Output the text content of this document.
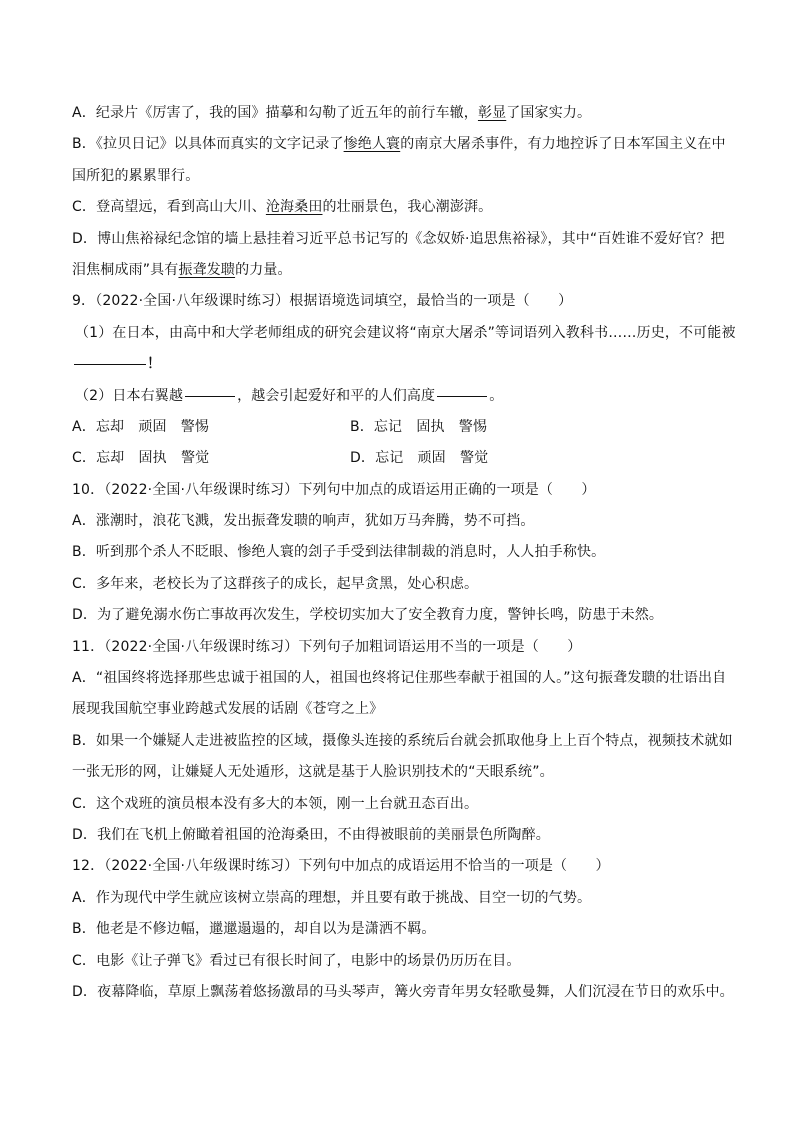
A．纪录片《厉害了，我的国》描摹和勾勒了近五年的前行车辙，彰显了国家实力。
B．《拉贝日记》以具体而真实的文字记录了惨绝人寰的南京大屠杀事件，有力地控诉了日本军国主义在中
国所犯的累累罪行。
C．登高望远，看到高山大川、沧海桑田的壮丽景色，我心潮澎湃。
D．博山焦裕禄纪念馆的墙上悬挂着习近平总书记写的《念奴娇·追思焦裕禄》，其中“百姓谁不爱好官？把
泪焦桐成雨”具有振聋发聩的力量。
9．（2022·全国·八年级课时练习）根据语境选词填空，最恰当的一项是（　　）
（1）在日本，由高中和大学老师组成的研究会建议将“南京大屠杀”等词语列入教科书……历史，不可能被
！
（2）日本右翼越	，越会引起爱好和平的人们高度	。
A．忘却　顽固　警惕	B．忘记　固执　警惕
C．忘却　固执　警觉	D．忘记　顽固　警觉
10．（2022·全国·八年级课时练习）下列句中加点的成语运用正确的一项是（　　）
A．涨潮时，浪花飞溅，发出振聋发聩的响声，犹如万马奔腾，势不可挡。
B．听到那个杀人不眨眼、惨绝人寰的刽子手受到法律制裁的消息时，人人拍手称快。
C．多年来，老校长为了这群孩子的成长，起早贪黑，处心积虑。
D．为了避免溺水伤亡事故再次发生，学校切实加大了安全教育力度，警钟长鸣，防患于未然。
11．（2022·全国·八年级课时练习）下列句子加粗词语运用不当的一项是（　　）
A．“祖国终将选择那些忠诚于祖国的人，祖国也终将记住那些奉献于祖国的人。”这句振聋发聩的壮语出自
展现我国航空事业跨越式发展的话剧《苍穹之上》
B．如果一个嫌疑人走进被监控的区域，摄像头连接的系统后台就会抓取他身上上百个特点，视频技术就如
一张无形的网，让嫌疑人无处遁形，这就是基于人脸识别技术的“天眼系统”。
C．这个戏班的演员根本没有多大的本领，刚一上台就丑态百出。
D．我们在飞机上俯瞰着祖国的沧海桑田，不由得被眼前的美丽景色所陶醉。
12．（2022·全国·八年级课时练习）下列句中加点的成语运用不恰当的一项是（　　）
A．作为现代中学生就应该树立崇高的理想，并且要有敢于挑战、目空一切的气势。
B．他老是不修边幅，邋邋遢遢的，却自以为是潇洒不羁。
C．电影《让子弹飞》看过已有很长时间了，电影中的场景仍历历在目。
D．夜幕降临，草原上飘荡着悠扬激昂的马头琴声，篝火旁青年男女轻歌曼舞，人们沉浸在节日的欢乐中。
